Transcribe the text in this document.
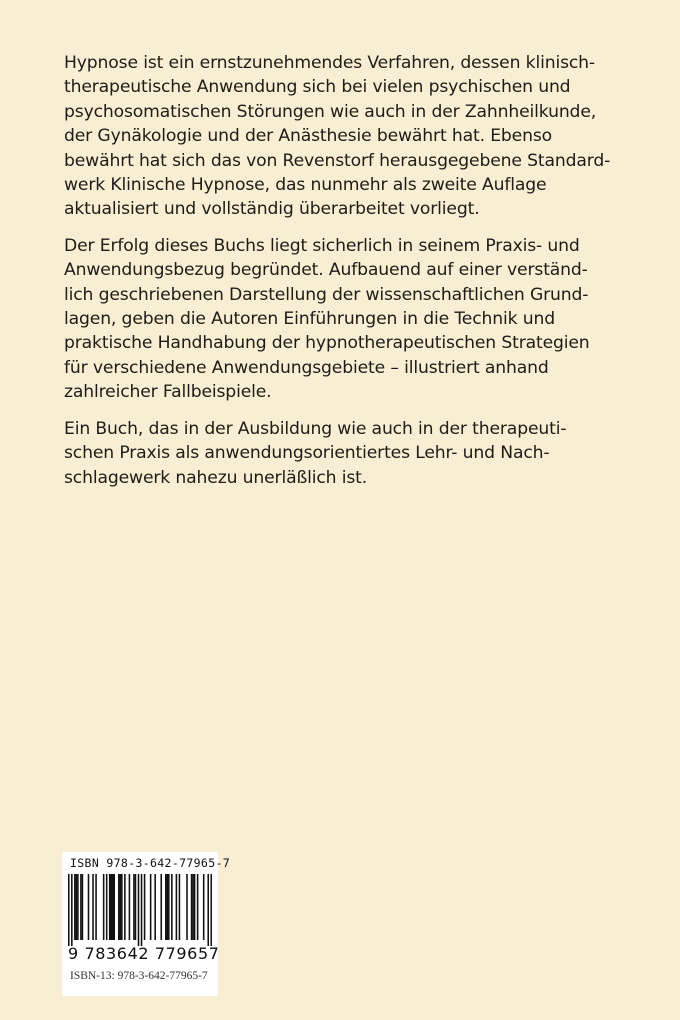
Hypnose ist ein ernstzunehmendes Verfahren, dessen klinisch-
therapeutische Anwendung sich bei vielen psychischen und
psychosomatischen Störungen wie auch in der Zahnheilkunde,
der Gynäkologie und der Anästhesie bewährt hat. Ebenso
bewährt hat sich das von Revenstorf herausgegebene Standard-
werk Klinische Hypnose, das nunmehr als zweite Auflage
aktualisiert und vollständig überarbeitet vorliegt.

Der Erfolg dieses Buchs liegt sicherlich in seinem Praxis- und
Anwendungsbezug begründet. Aufbauend auf einer verständ-
lich geschriebenen Darstellung der wissenschaftlichen Grund-
lagen, geben die Autoren Einführungen in die Technik und
praktische Handhabung der hypnotherapeutischen Strategien
für verschiedene Anwendungsgebiete – illustriert anhand
zahlreicher Fallbeispiele.

Ein Buch, das in der Ausbildung wie auch in der therapeuti-
schen Praxis als anwendungsorientiertes Lehr- und Nach-
schlagewerk nahezu unerläßlich ist.

ISBN 978-3-642-77965-7
9 783642 779657
ISBN-13: 978-3-642-77965-7
